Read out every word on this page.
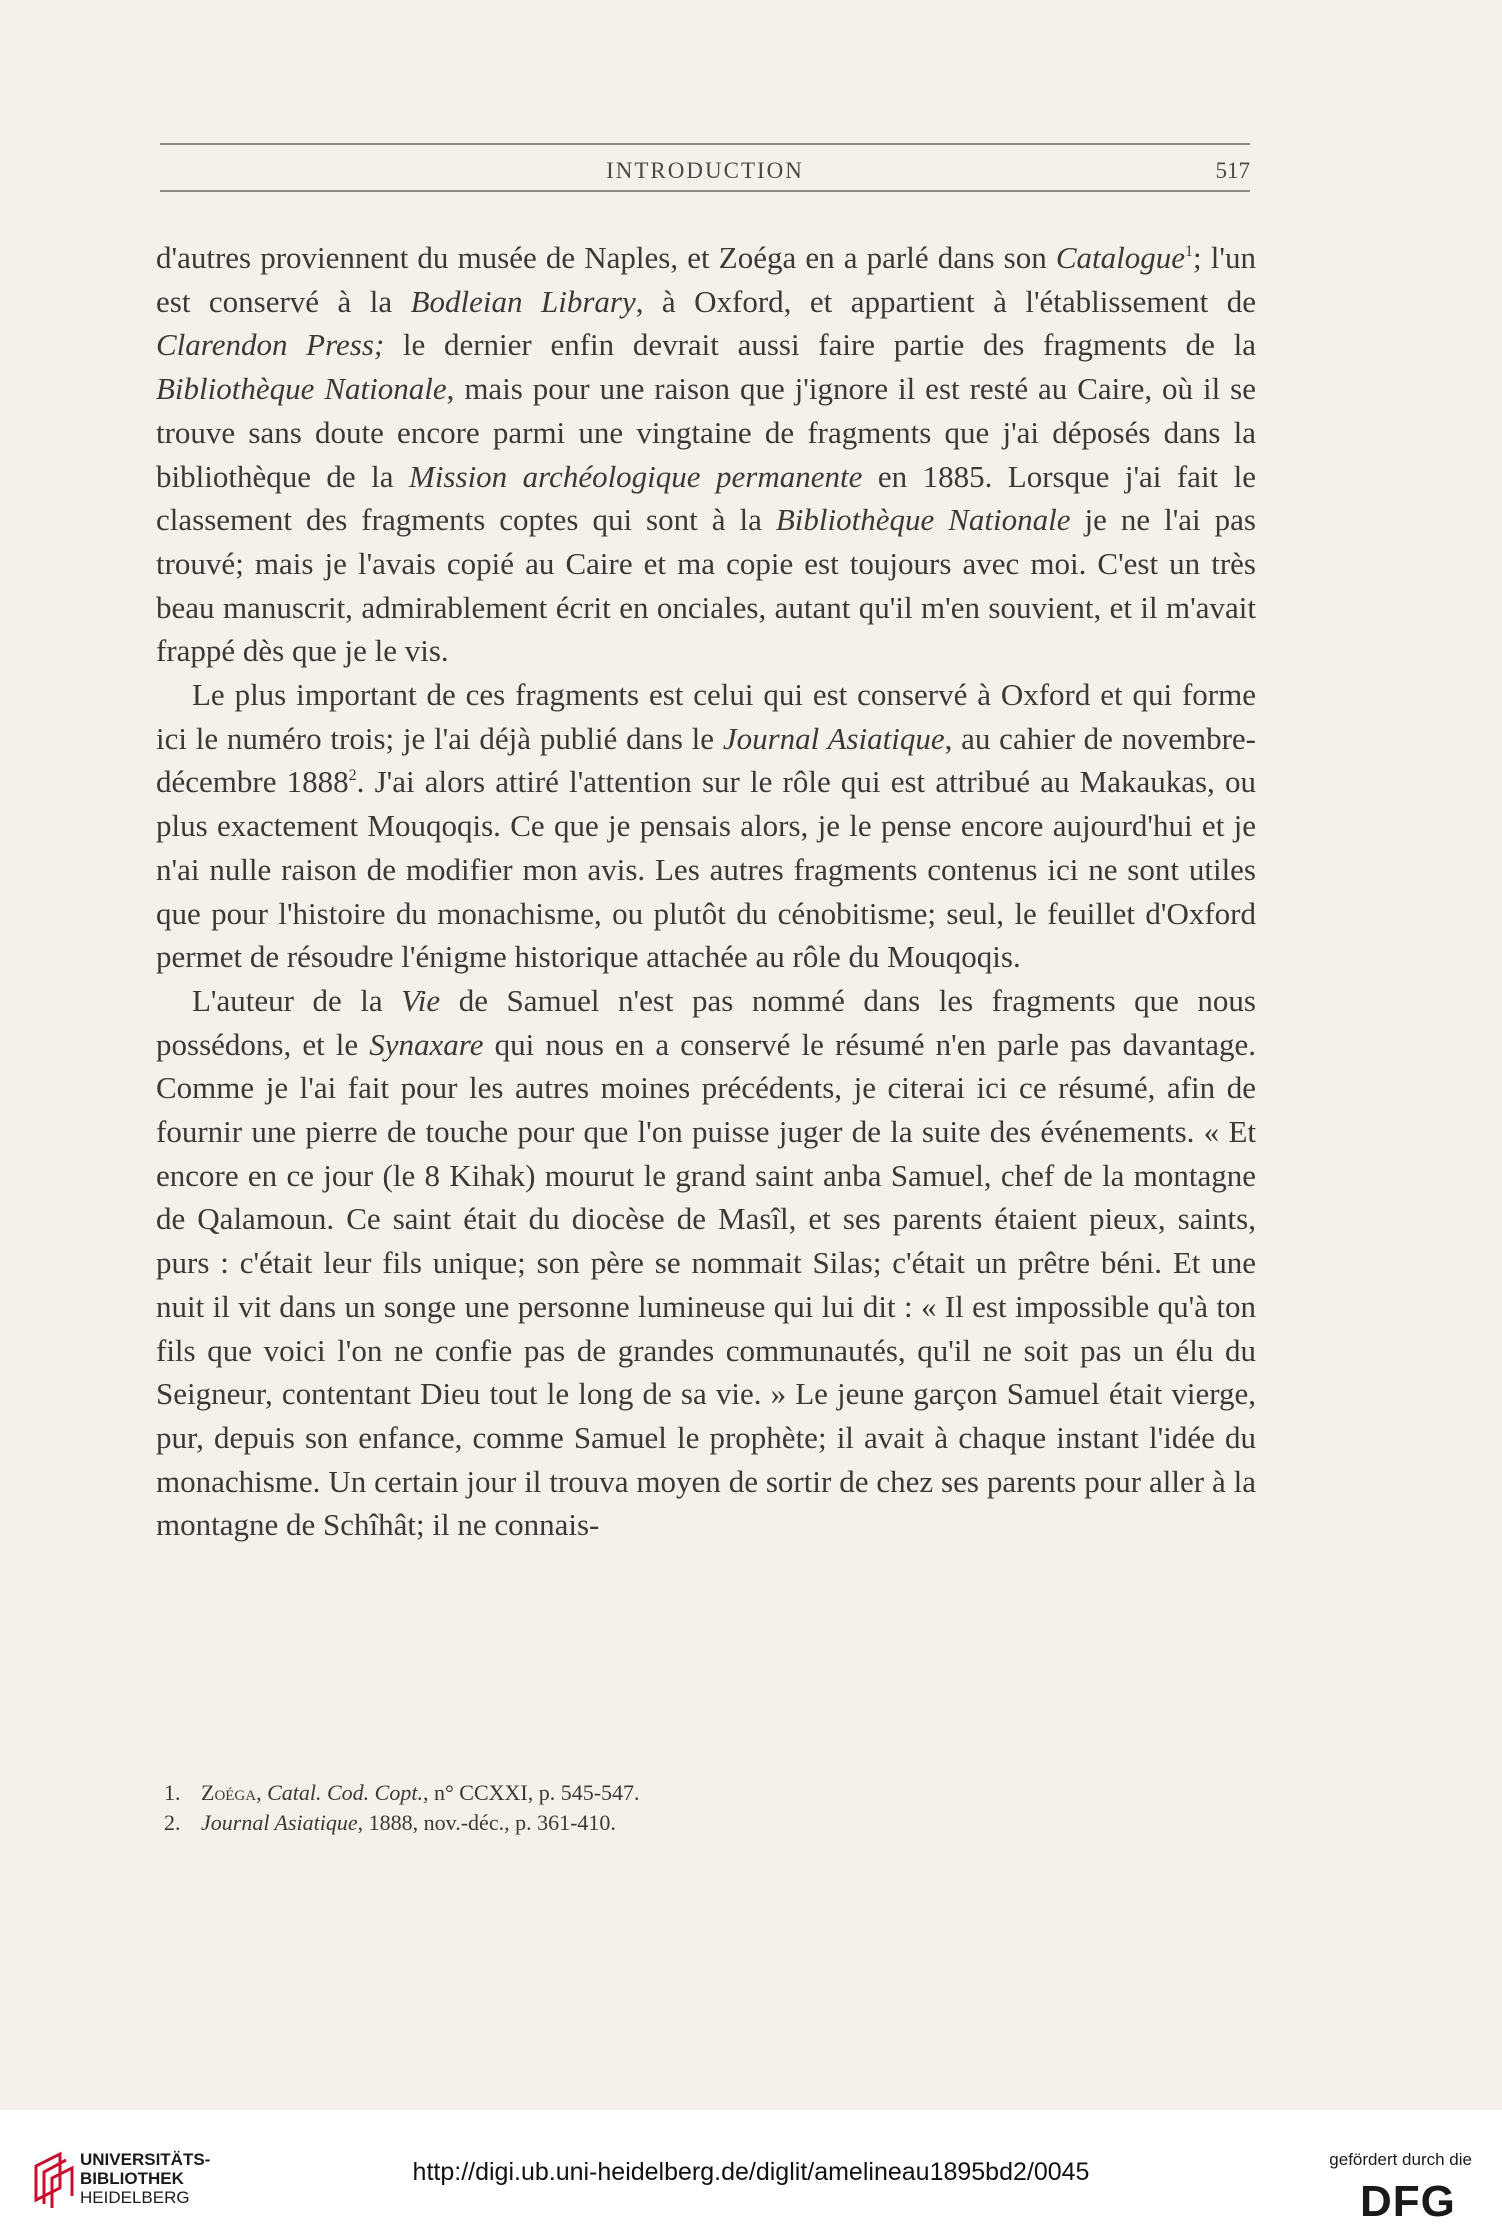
INTRODUCTION	517

d'autres proviennent du musée de Naples, et Zoéga en a parlé dans son Catalogue$^1$; l'un est conservé à la Bodleian Library, à Oxford, et appartient à l'établissement de Clarendon Press; le dernier enfin devrait aussi faire partie des fragments de la Bibliothèque Nationale, mais pour une raison que j'ignore il est resté au Caire, où il se trouve sans doute encore parmi une vingtaine de fragments que j'ai déposés dans la bibliothèque de la Mission archéologique permanente en 1885. Lorsque j'ai fait le classement des fragments coptes qui sont à la Bibliothèque Nationale je ne l'ai pas trouvé; mais je l'avais copié au Caire et ma copie est toujours avec moi. C'est un très beau manuscrit, admirablement écrit en onciales, autant qu'il m'en souvient, et il m'avait frappé dès que je le vis.

Le plus important de ces fragments est celui qui est conservé à Oxford et qui forme ici le numéro trois; je l'ai déjà publié dans le Journal Asiatique, au cahier de novembre-décembre 1888$^2$. J'ai alors attiré l'attention sur le rôle qui est attribué au Makaukas, ou plus exactement Mouqoqis. Ce que je pensais alors, je le pense encore aujourd'hui et je n'ai nulle raison de modifier mon avis. Les autres fragments contenus ici ne sont utiles que pour l'histoire du monachisme, ou plutôt du cénobitisme; seul, le feuillet d'Oxford permet de résoudre l'énigme historique attachée au rôle du Mouqoqis.

L'auteur de la Vie de Samuel n'est pas nommé dans les fragments que nous possédons, et le Synaxare qui nous en a conservé le résumé n'en parle pas davantage. Comme je l'ai fait pour les autres moines précédents, je citerai ici ce résumé, afin de fournir une pierre de touche pour que l'on puisse juger de la suite des événements. « Et encore en ce jour (le 8 Kihak) mourut le grand saint anba Samuel, chef de la montagne de Qalamoun. Ce saint était du diocèse de Masîl, et ses parents étaient pieux, saints, purs : c'était leur fils unique; son père se nommait Silas; c'était un prêtre béni. Et une nuit il vit dans un songe une personne lumineuse qui lui dit : « Il est impossible qu'à ton fils que voici l'on ne confie pas de grandes communautés, qu'il ne soit pas un élu du Seigneur, contentant Dieu tout le long de sa vie. » Le jeune garçon Samuel était vierge, pur, depuis son enfance, comme Samuel le prophète; il avait à chaque instant l'idée du monachisme. Un certain jour il trouva moyen de sortir de chez ses parents pour aller à la montagne de Schîhât; il ne connais-

1. Zoéga, Catal. Cod. Copt., n° CCXXI, p. 545-547.
2. Journal Asiatique, 1888, nov.-déc., p. 361-410.
UNIVERSITÄTS-
BIBLIOTHEK
HEIDELBERG
http://digi.ub.uni-heidelberg.de/diglit/amelineau1895bd2/0045	gefördert durch die
DFG
